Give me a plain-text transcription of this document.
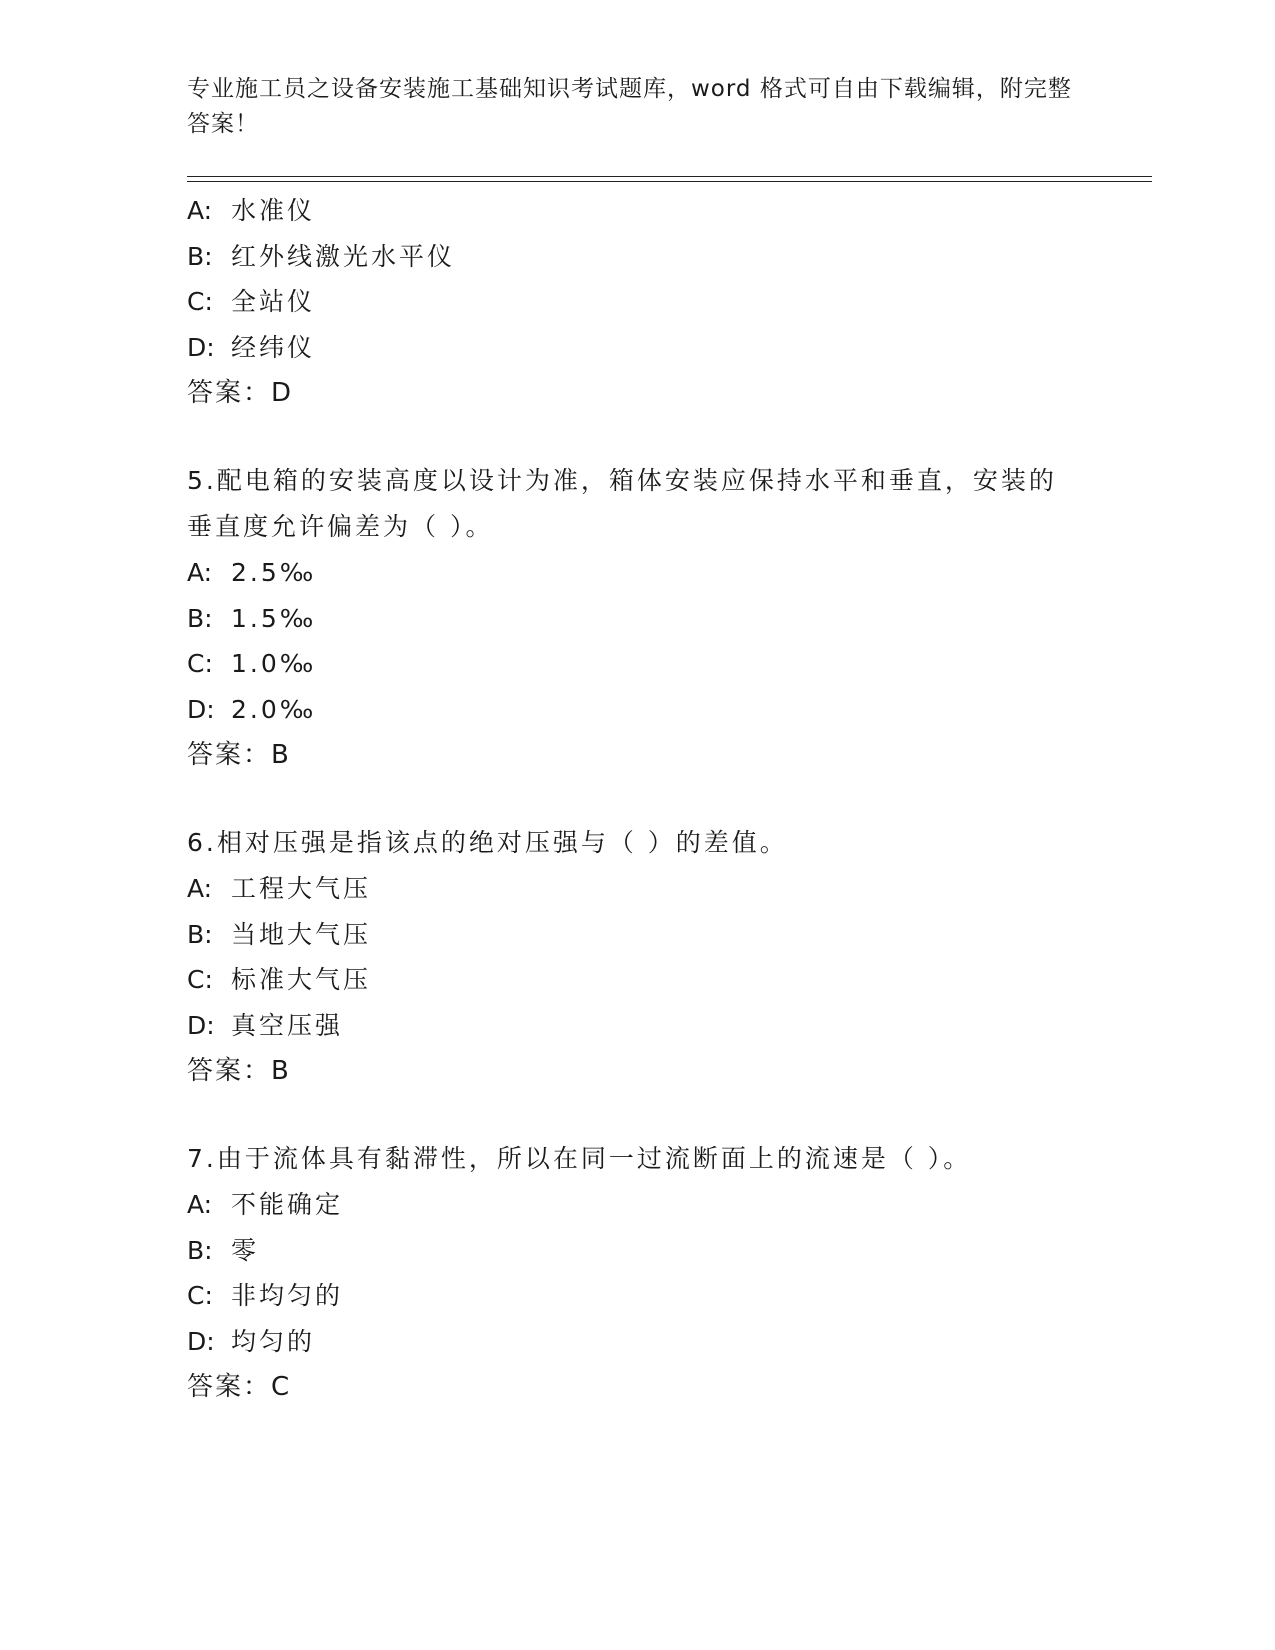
专业施工员之设备安装施工基础知识考试题库，word 格式可自由下载编辑，附完整答案！
A: 水准仪
B: 红外线激光水平仪
C: 全站仪
D: 经纬仪
答案：D
5.配电箱的安装高度以设计为准，箱体安装应保持水平和垂直，安装的垂直度允许偏差为（ ）。
A: 2.5‰
B: 1.5‰
C: 1.0‰
D: 2.0‰
答案：B
6.相对压强是指该点的绝对压强与（ ）的差值。
A: 工程大气压
B: 当地大气压
C: 标准大气压
D: 真空压强
答案：B
7.由于流体具有黏滞性，所以在同一过流断面上的流速是（ ）。
A: 不能确定
B: 零
C: 非均匀的
D: 均匀的
答案：C
